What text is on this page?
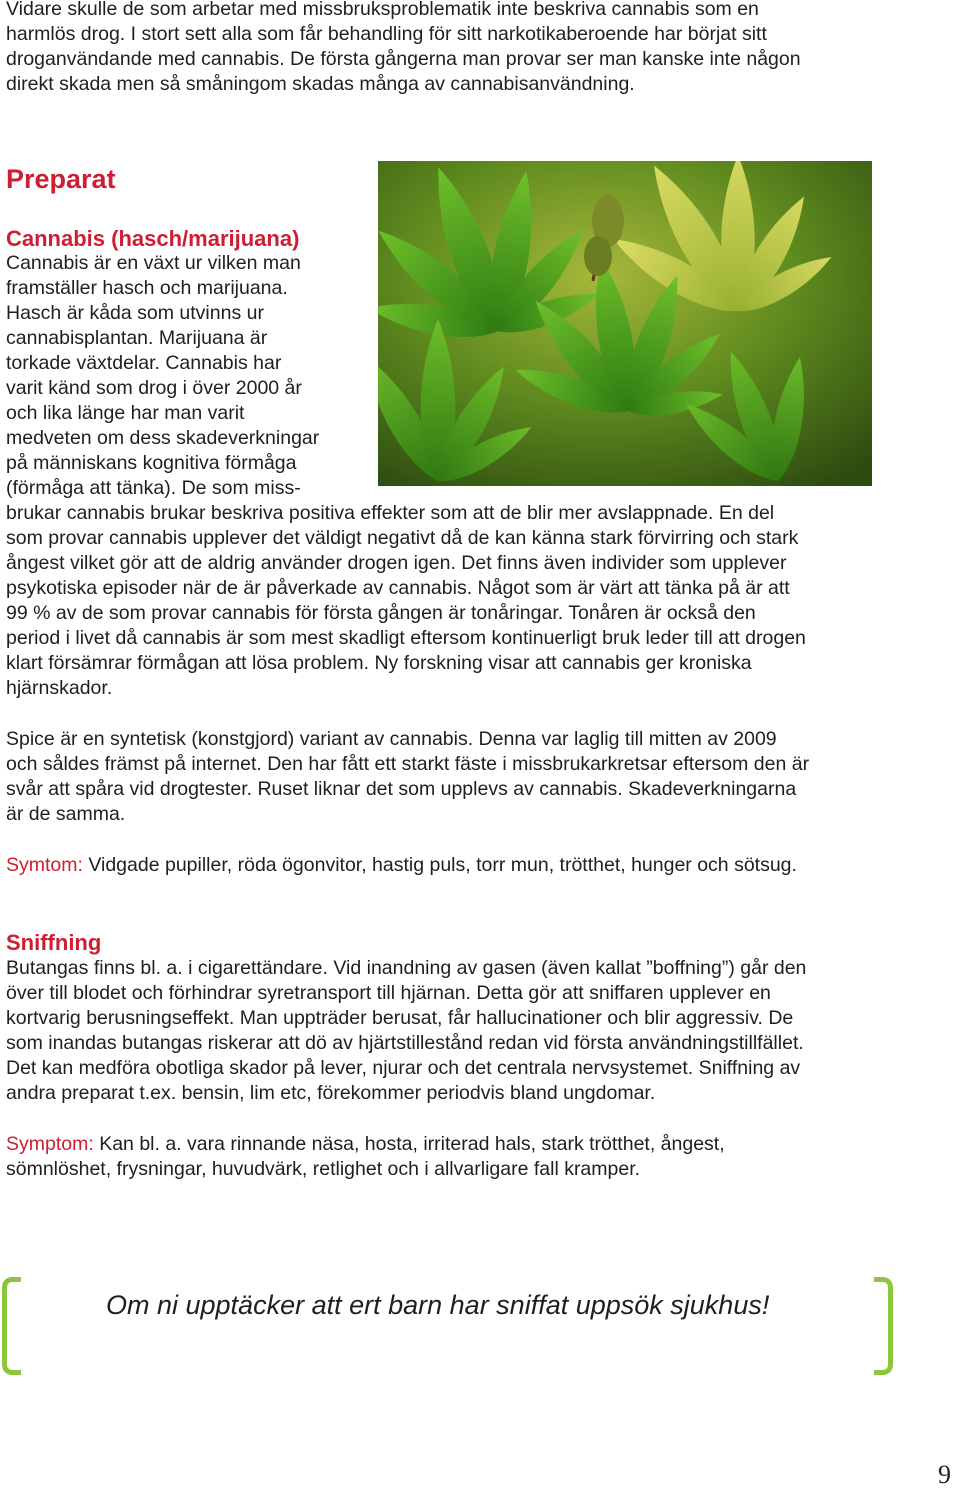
Vidare skulle de som arbetar med missbruksproblematik inte beskriva cannabis som en

harmlös drog. I stort sett alla som får behandling för sitt narkotikaberoende har börjat sitt

droganvändande med cannabis. De första gångerna man provar ser man kanske inte någon

direkt skada men så småningom skadas många av cannabisanvändning.

Preparat
Cannabis (hasch/marijuana)

Cannabis är en växt ur vilken man

framställer hasch och marijuana.

Hasch är kåda som utvinns ur

cannabisplantan. Marijuana är

torkade växtdelar. Cannabis har

varit känd som drog i över 2000 år

och lika länge har man varit

medveten om dess skadeverkningar

på människans kognitiva förmåga

(förmåga att tänka). De som miss-

brukar cannabis brukar beskriva positiva effekter som att de blir mer avslappnade. En del

som provar cannabis upplever det väldigt negativt då de kan känna stark förvirring och stark

ångest vilket gör att de aldrig använder drogen igen. Det finns även individer som upplever

psykotiska episoder när de är påverkade av cannabis. Något som är värt att tänka på är att

99 % av de som provar cannabis för första gången är tonåringar. Tonåren är också den

period i livet då cannabis är som mest skadligt eftersom kontinuerligt bruk leder till att drogen

klart försämrar förmågan att lösa problem. Ny forskning visar att cannabis ger kroniska

hjärnskador.

Spice är en syntetisk (konstgjord) variant av cannabis. Denna var laglig till mitten av 2009

och såldes främst på internet. Den har fått ett starkt fäste i missbrukarkretsar eftersom den är

svår att spåra vid drogtester. Ruset liknar det som upplevs av cannabis. Skadeverkningarna

är de samma.

Symtom: Vidgade pupiller, röda ögonvitor, hastig puls, torr mun, trötthet, hunger och sötsug.

Sniffning

Butangas finns bl. a. i cigarettändare. Vid inandning av gasen (även kallat ”boffning”) går den

över till blodet och förhindrar syretransport till hjärnan. Detta gör att sniffaren upplever en

kortvarig berusningseffekt. Man uppträder berusat, får hallucinationer och blir aggressiv. De

som inandas butangas riskerar att dö av hjärtstillestånd redan vid första användningstillfället.

Det kan medföra obotliga skador på lever, njurar och det centrala nervsystemet. Sniffning av

andra preparat t.ex. bensin, lim etc, förekommer periodvis bland ungdomar.

Symptom: Kan bl. a. vara rinnande näsa, hosta, irriterad hals, stark trötthet, ångest,

sömnlöshet, frysningar, huvudvärk, retlighet och i allvarligare fall kramper.

Om ni upptäcker att ert barn har sniffat uppsök sjukhus!

9
